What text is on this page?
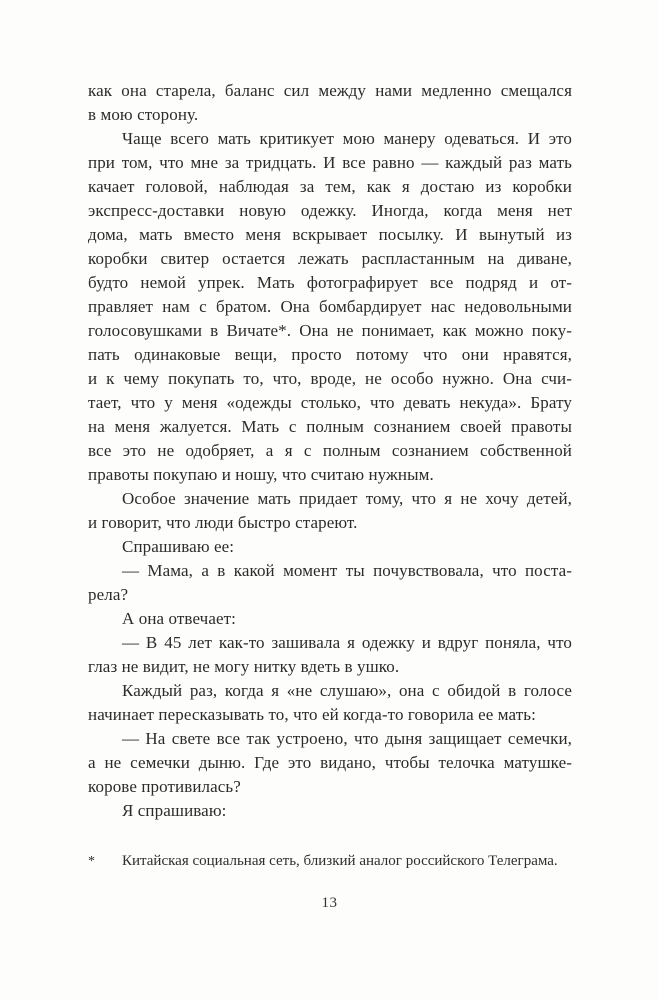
как она старела, баланс сил между нами медленно смещался
в мою сторону.
Чаще всего мать критикует мою манеру одеваться. И это
при том, что мне за тридцать. И все равно — каждый раз мать
качает головой, наблюдая за тем, как я достаю из коробки
экспресс-доставки новую одежку. Иногда, когда меня нет
дома, мать вместо меня вскрывает посылку. И вынутый из
коробки свитер остается лежать распластанным на диване,
будто немой упрек. Мать фотографирует все подряд и от-
правляет нам с братом. Она бомбардирует нас недовольными
голосовушками в Вичате*. Она не понимает, как можно поку-
пать одинаковые вещи, просто потому что они нравятся,
и к чему покупать то, что, вроде, не особо нужно. Она счи-
тает, что у меня «одежды столько, что девать некуда». Брату
на меня жалуется. Мать с полным сознанием своей правоты
все это не одобряет, а я с полным сознанием собственной
правоты покупаю и ношу, что считаю нужным.
Особое значение мать придает тому, что я не хочу детей,
и говорит, что люди быстро стареют.
Спрашиваю ее:
— Мама, а в какой момент ты почувствовала, что поста-
рела?
А она отвечает:
— В 45 лет как-то зашивала я одежку и вдруг поняла, что
глаз не видит, не могу нитку вдеть в ушко.
Каждый раз, когда я «не слушаю», она с обидой в голосе
начинает пересказывать то, что ей когда-то говорила ее мать:
— На свете все так устроено, что дыня защищает семечки,
а не семечки дыню. Где это видано, чтобы телочка матушке-
корове противилась?
Я спрашиваю:
*	Китайская социальная сеть, близкий аналог российского Телеграма.
13
